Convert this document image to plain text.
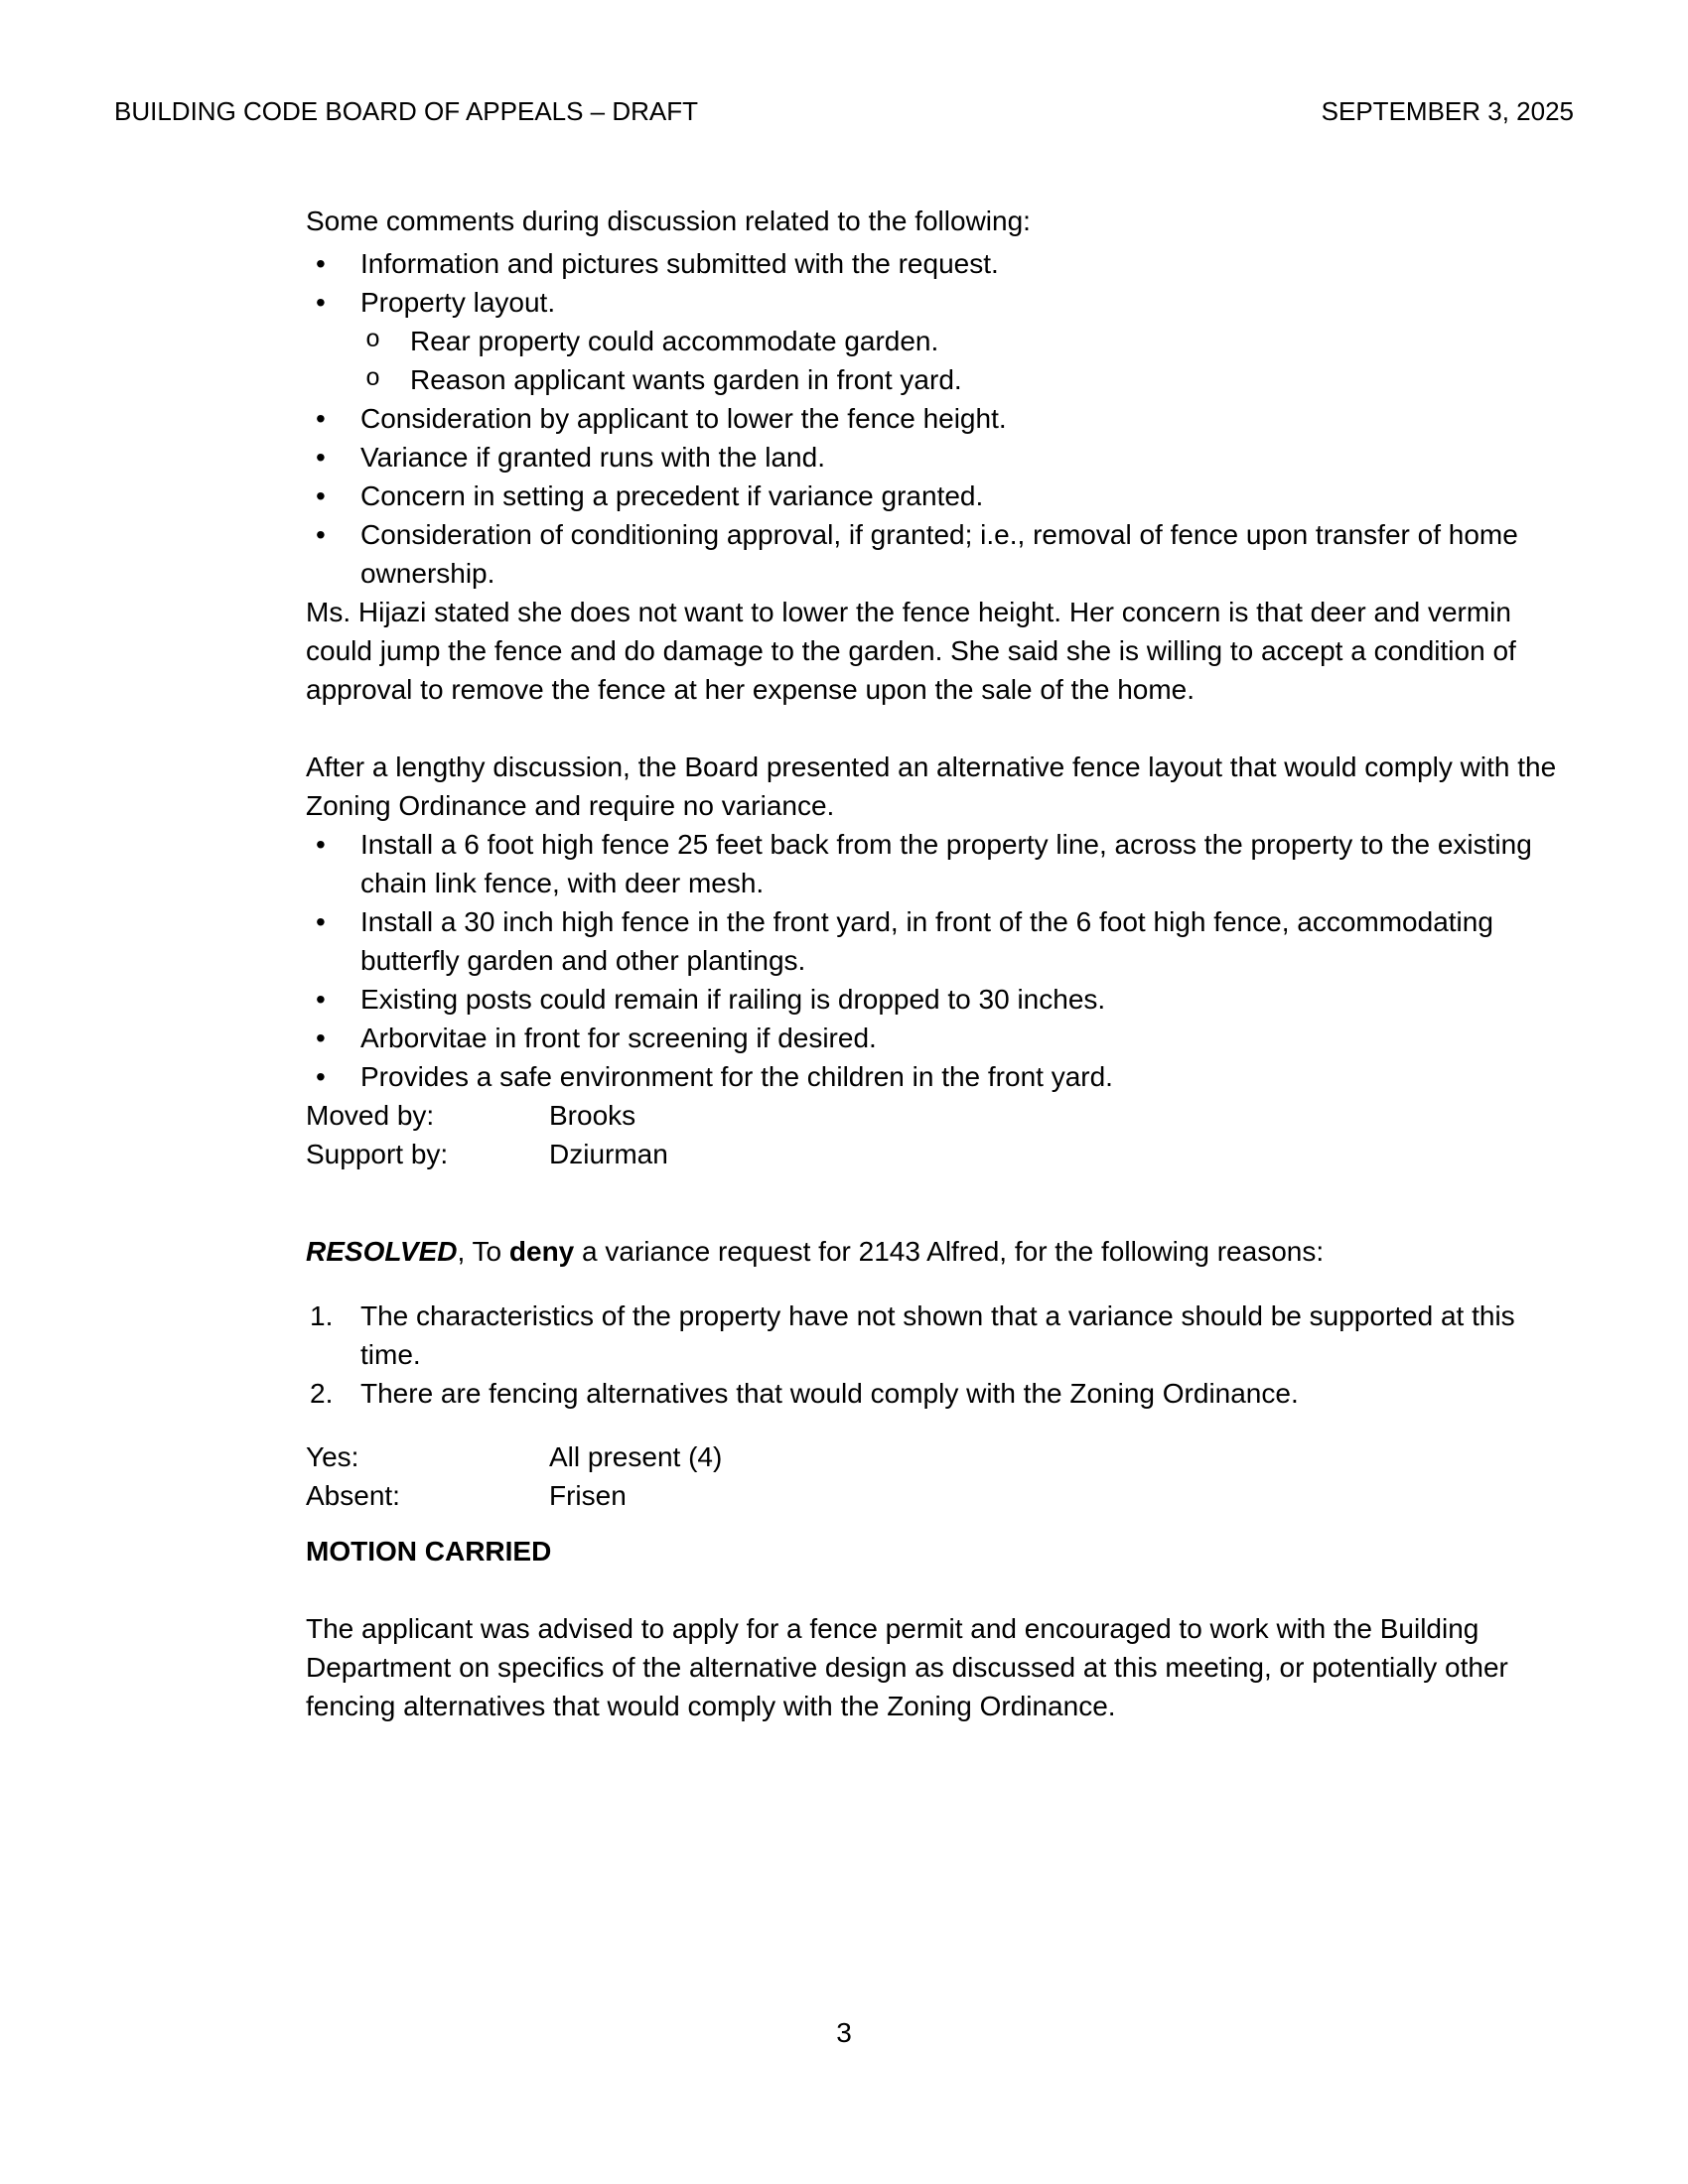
BUILDING CODE BOARD OF APPEALS – DRAFT	SEPTEMBER 3, 2025

Some comments during discussion related to the following:

• Information and pictures submitted with the request.
• Property layout.
o Rear property could accommodate garden.
o Reason applicant wants garden in front yard.
• Consideration by applicant to lower the fence height.
• Variance if granted runs with the land.
• Concern in setting a precedent if variance granted.
• Consideration of conditioning approval, if granted; i.e., removal of fence upon transfer of home ownership.

Ms. Hijazi stated she does not want to lower the fence height. Her concern is that deer and vermin could jump the fence and do damage to the garden. She said she is willing to accept a condition of approval to remove the fence at her expense upon the sale of the home.

After a lengthy discussion, the Board presented an alternative fence layout that would comply with the Zoning Ordinance and require no variance.

• Install a 6 foot high fence 25 feet back from the property line, across the property to the existing chain link fence, with deer mesh.
• Install a 30 inch high fence in the front yard, in front of the 6 foot high fence, accommodating butterfly garden and other plantings.
• Existing posts could remain if railing is dropped to 30 inches.
• Arborvitae in front for screening if desired.
• Provides a safe environment for the children in the front yard.
Moved by:	Brooks
Support by:	Dziurman

RESOLVED, To deny a variance request for 2143 Alfred, for the following reasons:

1. The characteristics of the property have not shown that a variance should be supported at this time.
2. There are fencing alternatives that would comply with the Zoning Ordinance.
Yes:	All present (4)
Absent:	Frisen

MOTION CARRIED

The applicant was advised to apply for a fence permit and encouraged to work with the Building Department on specifics of the alternative design as discussed at this meeting, or potentially other fencing alternatives that would comply with the Zoning Ordinance.

3
